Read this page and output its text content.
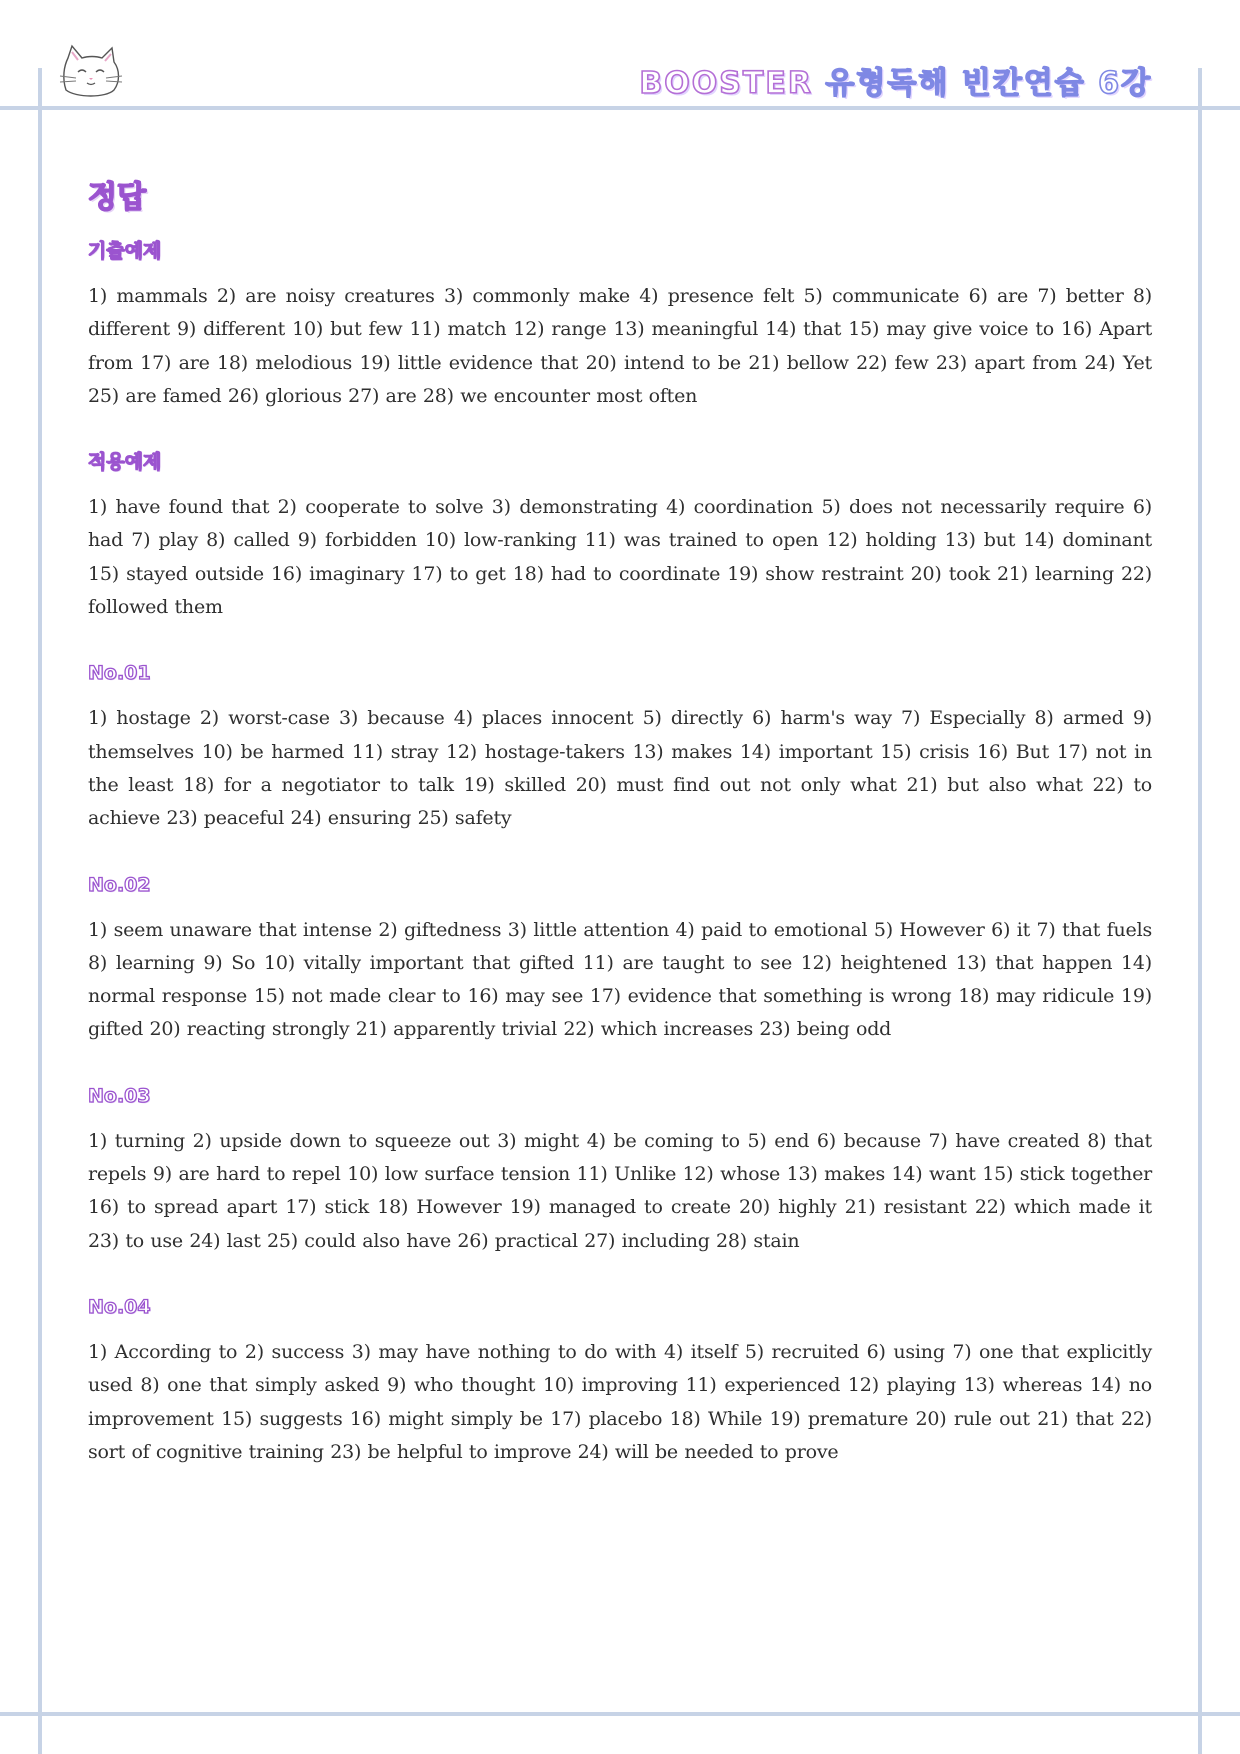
BOOSTER 유형독해 빈칸연습 6강
정답
기출예제
1) mammals 2) are noisy creatures 3) commonly make 4) presence felt 5) communicate 6) are 7) better 8) different 9) different 10) but few 11) match 12) range 13) meaningful 14) that 15) may give voice to 16) Apart from 17) are 18) melodious 19) little evidence that 20) intend to be 21) bellow 22) few 23) apart from 24) Yet 25) are famed 26) glorious 27) are 28) we encounter most often
적용예제
1) have found that 2) cooperate to solve 3) demonstrating 4) coordination 5) does not necessarily require 6) had 7) play 8) called 9) forbidden 10) low-ranking 11) was trained to open 12) holding 13) but 14) dominant 15) stayed outside 16) imaginary 17) to get 18) had to coordinate 19) show restraint 20) took 21) learning 22) followed them
No.01
1) hostage 2) worst-case 3) because 4) places innocent 5) directly 6) harm's way 7) Especially 8) armed 9) themselves 10) be harmed 11) stray 12) hostage-takers 13) makes 14) important 15) crisis 16) But 17) not in the least 18) for a negotiator to talk 19) skilled 20) must find out not only what 21) but also what 22) to achieve 23) peaceful 24) ensuring 25) safety
No.02
1) seem unaware that intense 2) giftedness 3) little attention 4) paid to emotional 5) However 6) it 7) that fuels 8) learning 9) So 10) vitally important that gifted 11) are taught to see 12) heightened 13) that happen 14) normal response 15) not made clear to 16) may see 17) evidence that something is wrong 18) may ridicule 19) gifted 20) reacting strongly 21) apparently trivial 22) which increases 23) being odd
No.03
1) turning 2) upside down to squeeze out 3) might 4) be coming to 5) end 6) because 7) have created 8) that repels 9) are hard to repel 10) low surface tension 11) Unlike 12) whose 13) makes 14) want 15) stick together 16) to spread apart 17) stick 18) However 19) managed to create 20) highly 21) resistant 22) which made it 23) to use 24) last 25) could also have 26) practical 27) including 28) stain
No.04
1) According to 2) success 3) may have nothing to do with 4) itself 5) recruited 6) using 7) one that explicitly used 8) one that simply asked 9) who thought 10) improving 11) experienced 12) playing 13) whereas 14) no improvement 15) suggests 16) might simply be 17) placebo 18) While 19) premature 20) rule out 21) that 22) sort of cognitive training 23) be helpful to improve 24) will be needed to prove
